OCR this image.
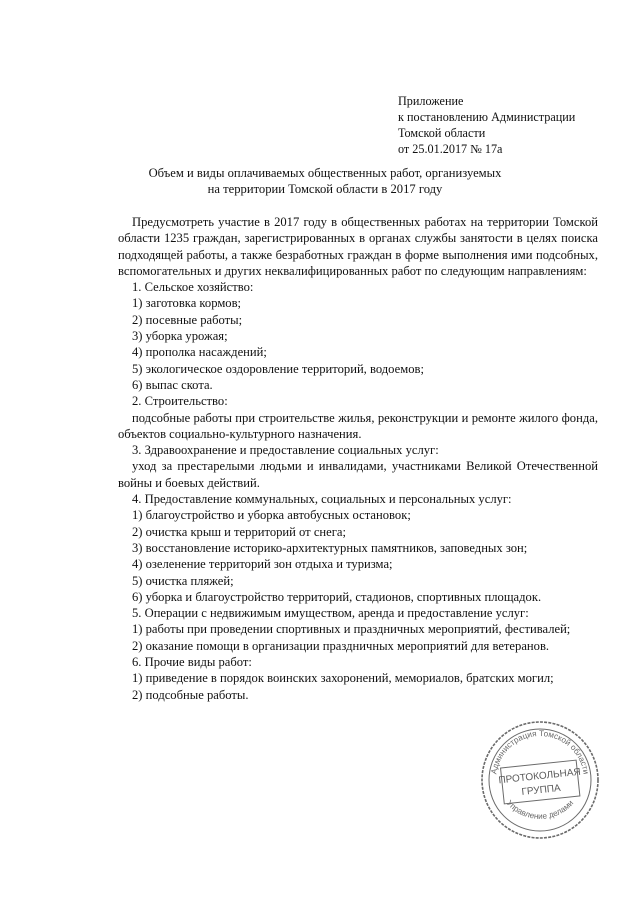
Приложение
к постановлению Администрации
Томской области
от 25.01.2017 № 17а
Объем и виды оплачиваемых общественных работ, организуемых
на территории Томской области в 2017 году

Предусмотреть участие в 2017 году в общественных работах на территории Томской области 1235 граждан, зарегистрированных в органах службы занятости в целях поиска подходящей работы, а также безработных граждан в форме выполнения ими подсобных, вспомогательных и других неквалифицированных работ по следующим направлениям:

1. Сельское хозяйство:

1) заготовка кормов;

2) посевные работы;

3) уборка урожая;

4) прополка насаждений;

5) экологическое оздоровление территорий, водоемов;

6) выпас скота.

2. Строительство:

подсобные работы при строительстве жилья, реконструкции и ремонте жилого фонда, объектов социально-культурного назначения.

3. Здравоохранение и предоставление социальных услуг:

уход за престарелыми людьми и инвалидами, участниками Великой Отечественной войны и боевых действий.

4. Предоставление коммунальных, социальных и персональных услуг:

1) благоустройство и уборка автобусных остановок;

2) очистка крыш и территорий от снега;

3) восстановление историко-архитектурных памятников, заповедных зон;

4) озеленение территорий зон отдыха и туризма;

5) очистка пляжей;

6) уборка и благоустройство территорий, стадионов, спортивных площадок.

5. Операции с недвижимым имуществом, аренда и предоставление услуг:

1) работы при проведении спортивных и праздничных мероприятий, фестивалей;

2) оказание помощи в организации праздничных мероприятий для ветеранов.

6. Прочие виды работ:

1) приведение в порядок воинских захоронений, мемориалов, братских могил;

2) подсобные работы.

Администрация Томской области
Управление делами
ПРОТОКОЛЬНАЯ
ГРУППА
